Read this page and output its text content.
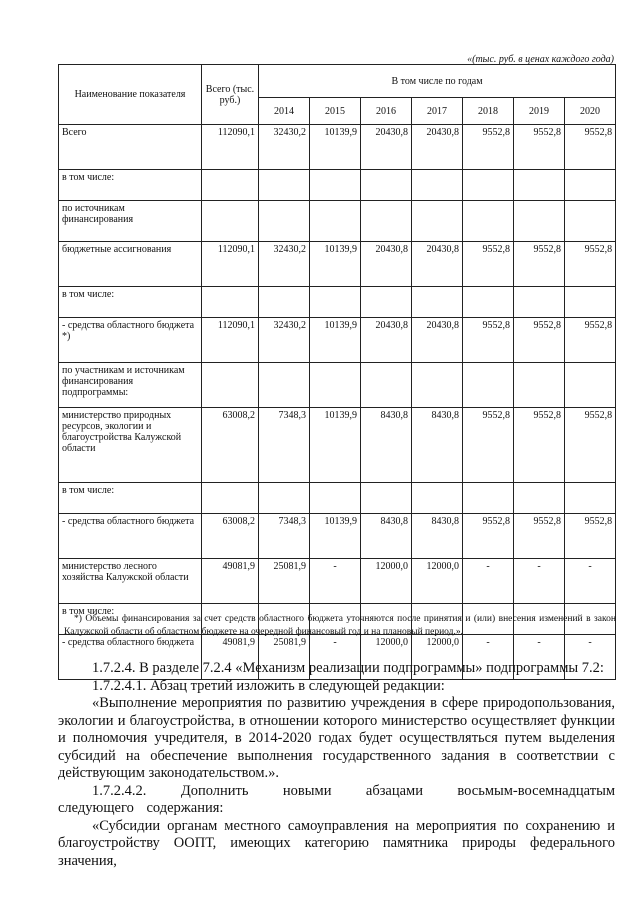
«(тыс. руб. в ценах каждого года)
Наименование показателя	Всего (тыс. руб.)	В том числе по годам						
		2014	2015	2016	2017	2018	2019	2020
Всего	112090,1	32430,2	10139,9	20430,8	20430,8	9552,8	9552,8	9552,8
в том числе:								
по источникам финансирования								
бюджетные ассигнования	112090,1	32430,2	10139,9	20430,8	20430,8	9552,8	9552,8	9552,8
в том числе:								
- средства областного бюджета *)	112090,1	32430,2	10139,9	20430,8	20430,8	9552,8	9552,8	9552,8
по участникам и источникам финансирования подпрограммы:								
министерство природных ресурсов, экологии и благоустройства Калужской области	63008,2	7348,3	10139,9	8430,8	8430,8	9552,8	9552,8	9552,8
в том числе:								
- средства областного бюджета	63008,2	7348,3	10139,9	8430,8	8430,8	9552,8	9552,8	9552,8
министерство лесного хозяйства Калужской области	49081,9	25081,9	-	12000,0	12000,0	-	-	-
в том числе:								
- средства областного бюджета	49081,9	25081,9	-	12000,0	12000,0	-	-	-
*) Объемы финансирования за счет средств областного бюджета уточняются после принятия и (или) внесения изменений в закон Калужской области об областном бюджете на очередной финансовый год и на плановый период.».

1.7.2.4. В разделе 7.2.4 «Механизм реализации подпрограммы» подпрограммы 7.2:

1.7.2.4.1. Абзац третий изложить в следующей редакции:

«Выполнение мероприятия по развитию учреждения в сфере природопользования, экологии и благоустройства, в отношении которого министерство осуществляет функции и полномочия учредителя, в 2014-2020 годах будет осуществляться путем выделения субсидий на обеспечение выполнения государственного задания в соответствии с действующим законодательством.».

1.7.2.4.2. Дополнить новыми абзацами восьмым-восемнадцатым следующего содержания:

«Субсидии органам местного самоуправления на мероприятия по сохранению и благоустройству ООПТ, имеющих категорию памятника природы федерального значения,
